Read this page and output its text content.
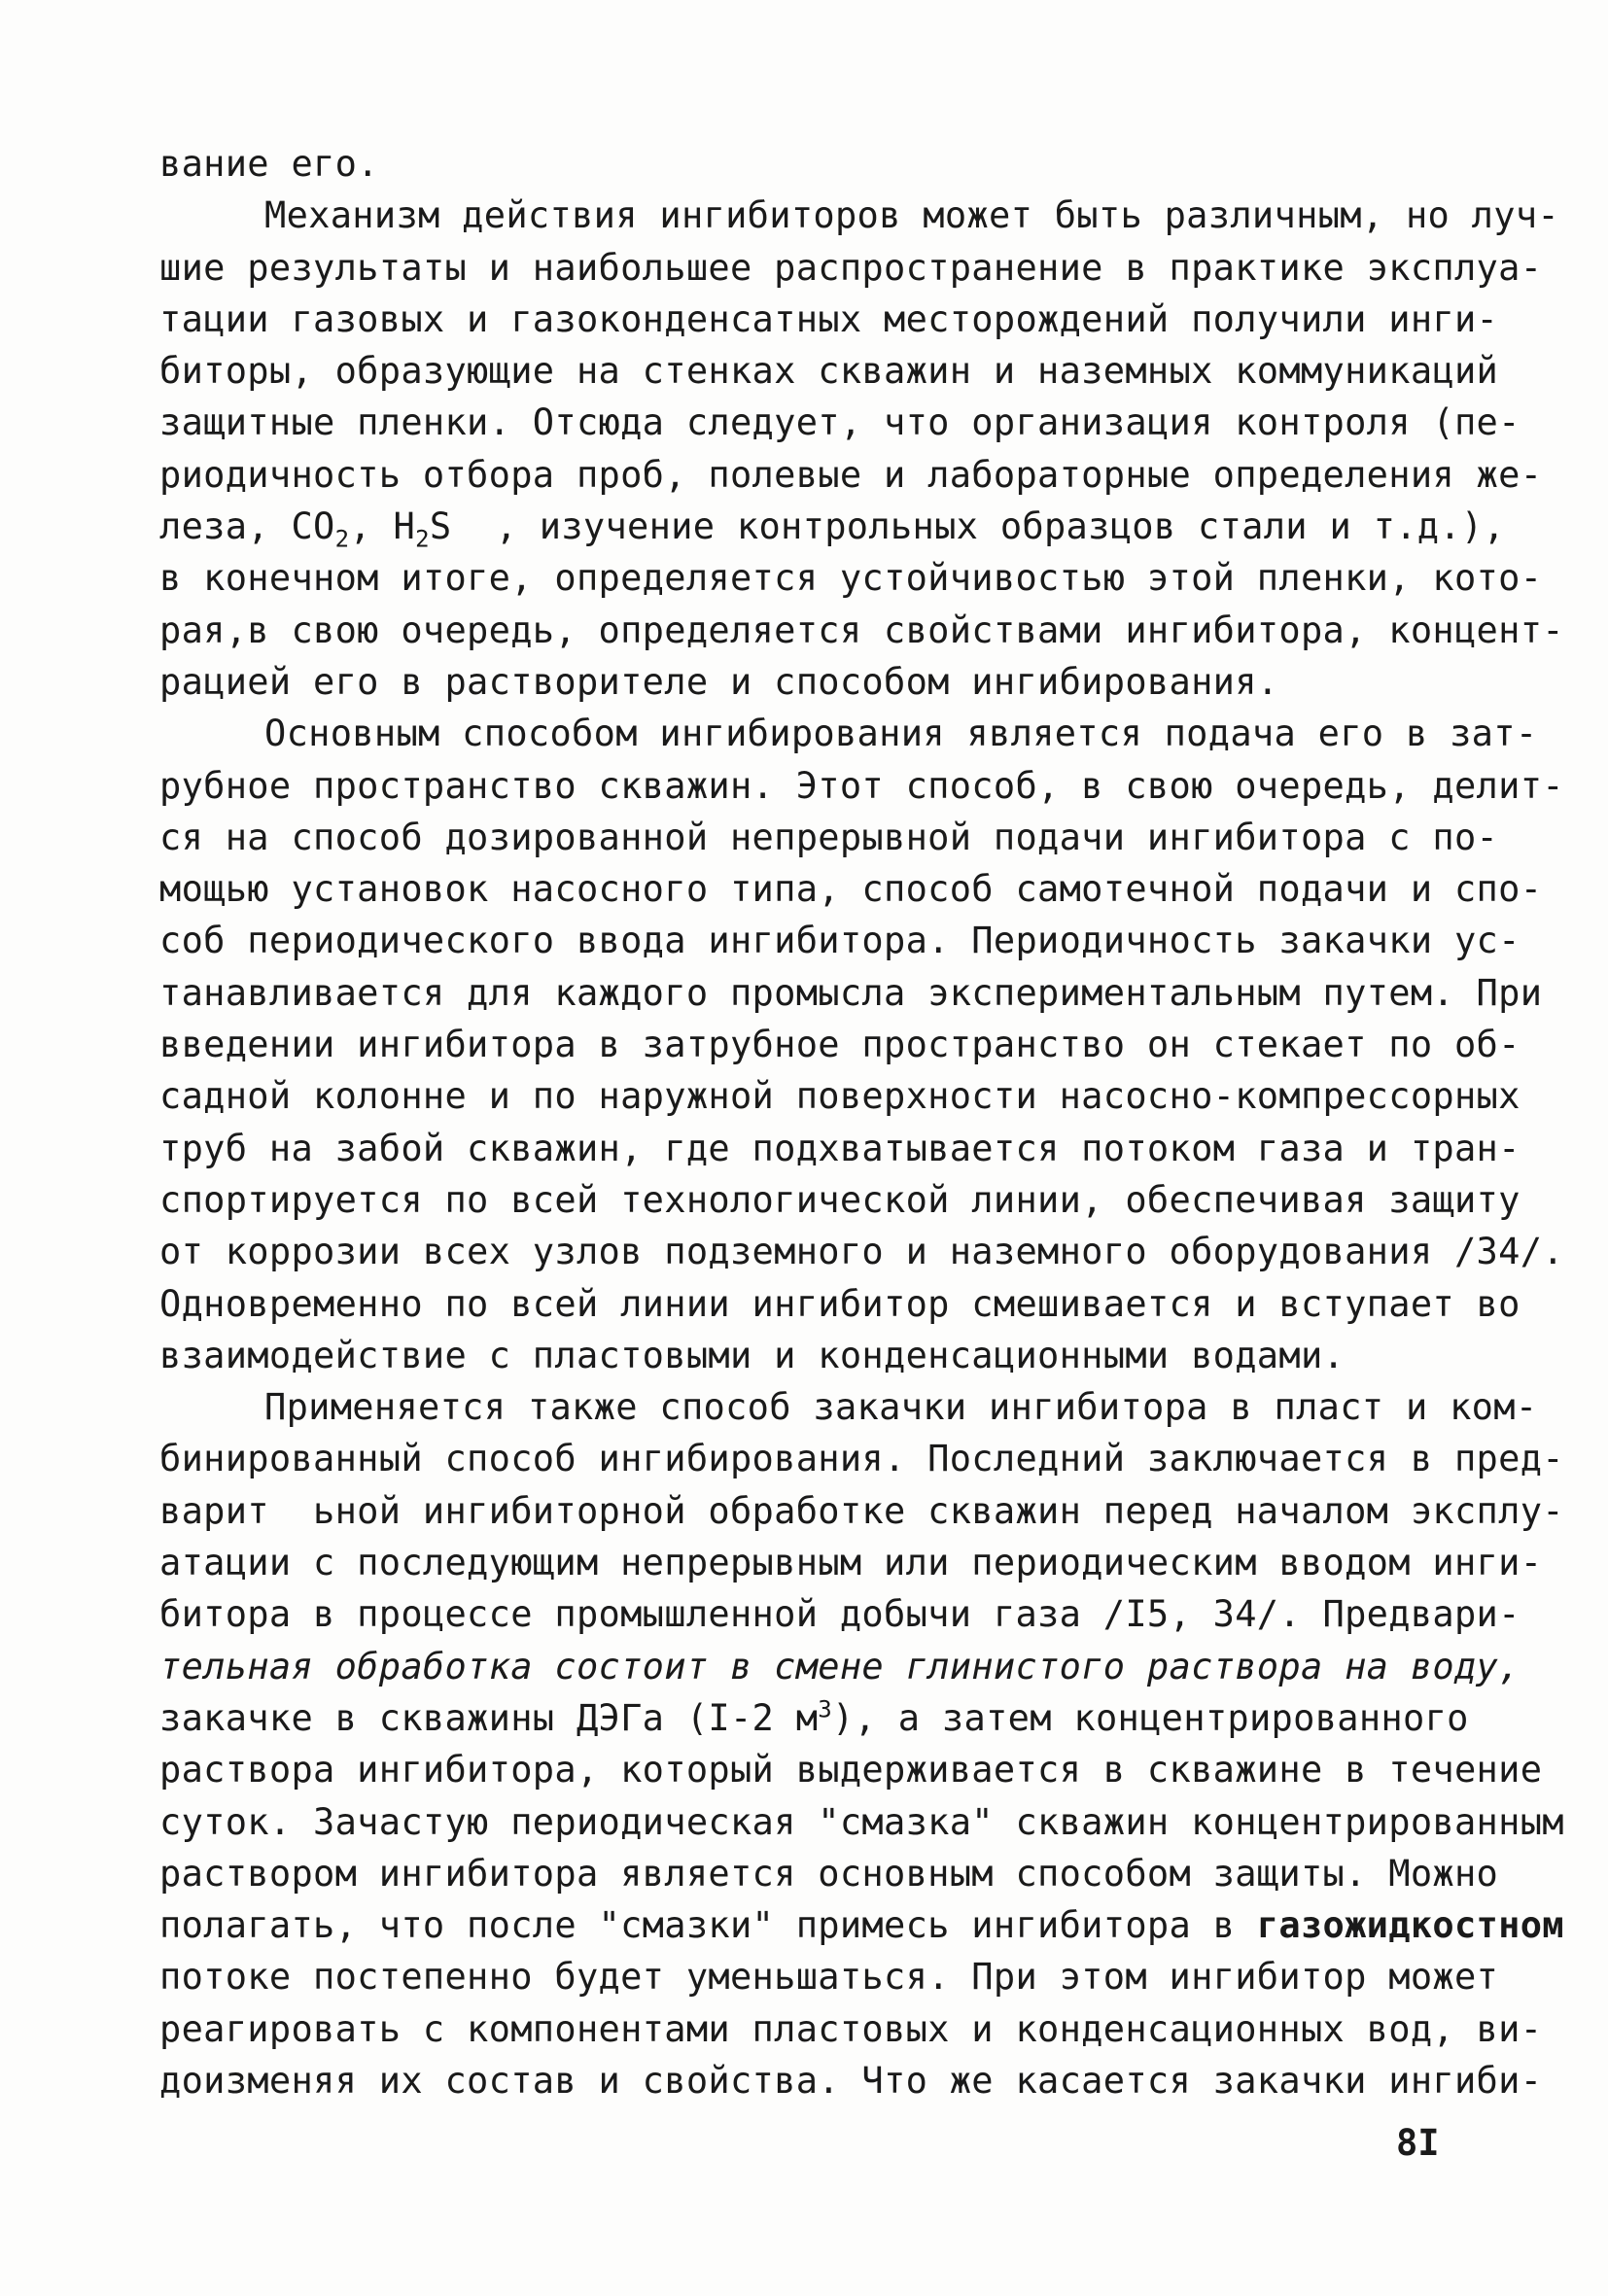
вание его.
Механизм действия ингибиторов может быть различным, но луч-
шие результаты и наибольшее распространение в практике эксплуа-
тации газовых и газоконденсатных месторождений получили инги-
биторы, образующие на стенках скважин и наземных коммуникаций
защитные пленки. Отсюда следует, что организация контроля (пе-
риодичность отбора проб, полевые и лабораторные определения же-
леза, $СО_2$, $Н_2S$  , изучение контрольных образцов стали и т.д.),
в конечном итоге, определяется устойчивостью этой пленки, кото-
рая,в свою очередь, определяется свойствами ингибитора, концент-
рацией его в растворителе и способом ингибирования.
Основным способом ингибирования является подача его в зат-
рубное пространство скважин. Этот способ, в свою очередь, делит-
ся на способ дозированной непрерывной подачи ингибитора с по-
мощью установок насосного типа, способ самотечной подачи и спо-
соб периодического ввода ингибитора. Периодичность закачки ус-
танавливается для каждого промысла экспериментальным путем. При
введении ингибитора в затрубное пространство он стекает по об-
садной колонне и по наружной поверхности насосно-компрессорных
труб на забой скважин, где подхватывается потоком газа и тран-
спортируется по всей технологической линии, обеспечивая защиту
от коррозии всех узлов подземного и наземного оборудования /34/.
Одновременно по всей линии ингибитор смешивается и вступает во
взаимодействие с пластовыми и конденсационными водами.
Применяется также способ закачки ингибитора в пласт и ком-
бинированный способ ингибирования. Последний заключается в пред-
варит  ьной ингибиторной обработке скважин перед началом эксплу-
атации с последующим непрерывным или периодическим вводом инги-
битора в процессе промышленной добычи газа /I5, 34/. Предвари-
тельная обработка состоит в смене глинистого раствора на воду,
закачке в скважины ДЭГа (I-2 $м^3$), а затем концентрированного
раствора ингибитора, который выдерживается в скважине в течение
суток. Зачастую периодическая "смазка" скважин концентрированным
раствором ингибитора является основным способом защиты. Можно
полагать, что после "смазки" примесь ингибитора в газожидкостном
потоке постепенно будет уменьшаться. При этом ингибитор может
реагировать с компонентами пластовых и конденсационных вод, ви-
доизменяя их состав и свойства. Что же касается закачки ингиби-
8I
